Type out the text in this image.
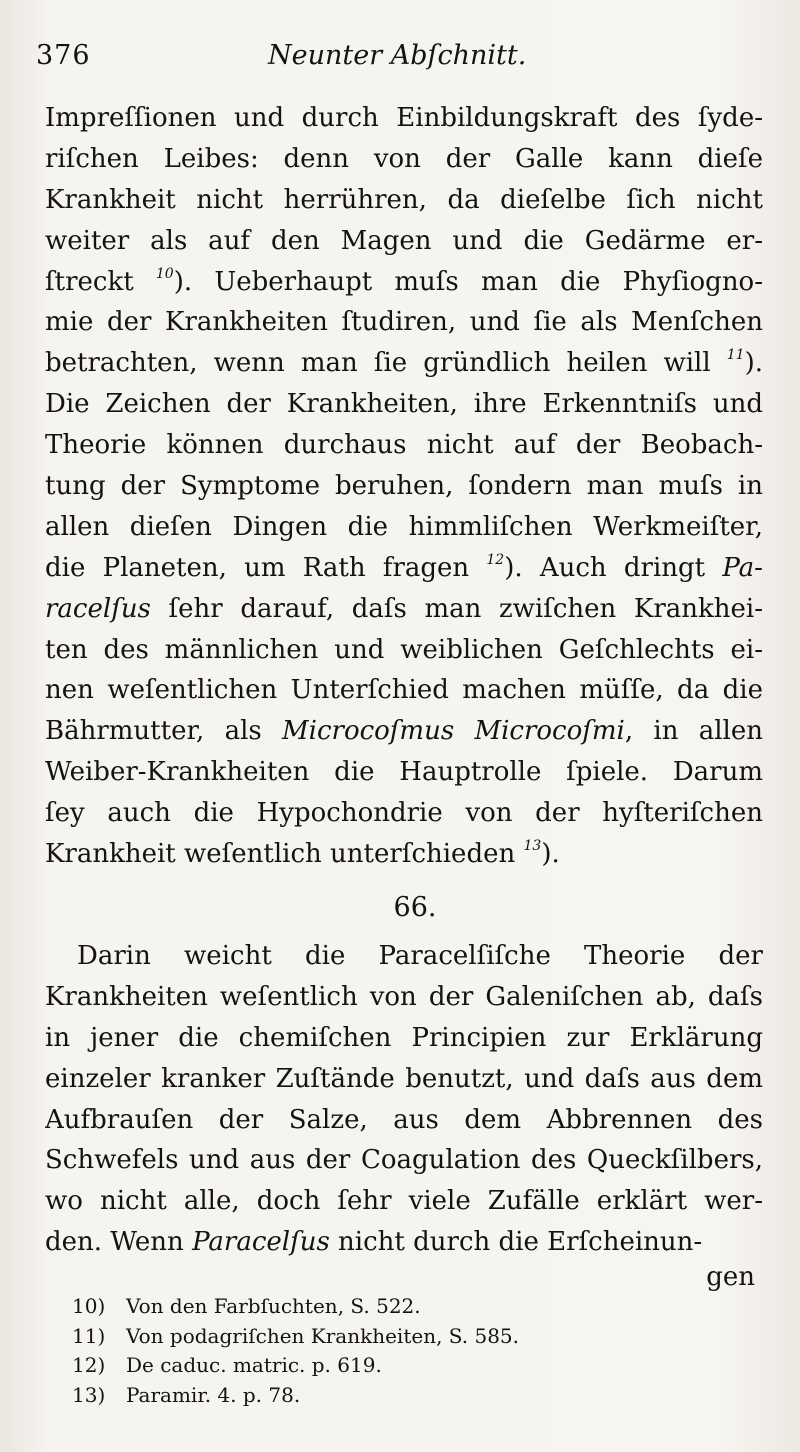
376	Neunter Abſchnitt.
Impreſſionen und durch Einbildungskraft des ſyde-
riſchen Leibes: denn von der Galle kann dieſe
Krankheit nicht herrühren, da dieſelbe ſich nicht
weiter als auf den Magen und die Gedärme er-
ſtreckt $^{10}$). Ueberhaupt muſs man die Phyſiogno-
mie der Krankheiten ſtudiren, und ſie als Menſchen
betrachten, wenn man ſie gründlich heilen will $^{11}$).
Die Zeichen der Krankheiten, ihre Erkenntniſs und
Theorie können durchaus nicht auf der Beobach-
tung der Symptome beruhen, ſondern man muſs in
allen dieſen Dingen die himmliſchen Werkmeiſter,
die Planeten, um Rath fragen $^{12}$). Auch dringt Pa-
racelſus ſehr darauf, daſs man zwiſchen Krankhei-
ten des männlichen und weiblichen Geſchlechts ei-
nen weſentlichen Unterſchied machen müſſe, da die
Bährmutter, als Microcoſmus Microcoſmi, in allen
Weiber-Krankheiten die Hauptrolle ſpiele. Darum
ſey auch die Hypochondrie von der hyſteriſchen
Krankheit weſentlich unterſchieden $^{13}$).
66.
Darin weicht die Paracelſiſche Theorie der
Krankheiten weſentlich von der Galeniſchen ab, daſs
in jener die chemiſchen Principien zur Erklärung
einzeler kranker Zuſtände benutzt, und daſs aus dem
Aufbrauſen der Salze, aus dem Abbrennen des
Schwefels und aus der Coagulation des Queckſilbers,
wo nicht alle, doch ſehr viele Zufälle erklärt wer-
den. Wenn Paracelſus nicht durch die Erſcheinun-
gen
10) Von den Farbſuchten, S. 522.
11) Von podagriſchen Krankheiten, S. 585.
12) De caduc. matric. p. 619.
13) Paramir. 4. p. 78.
